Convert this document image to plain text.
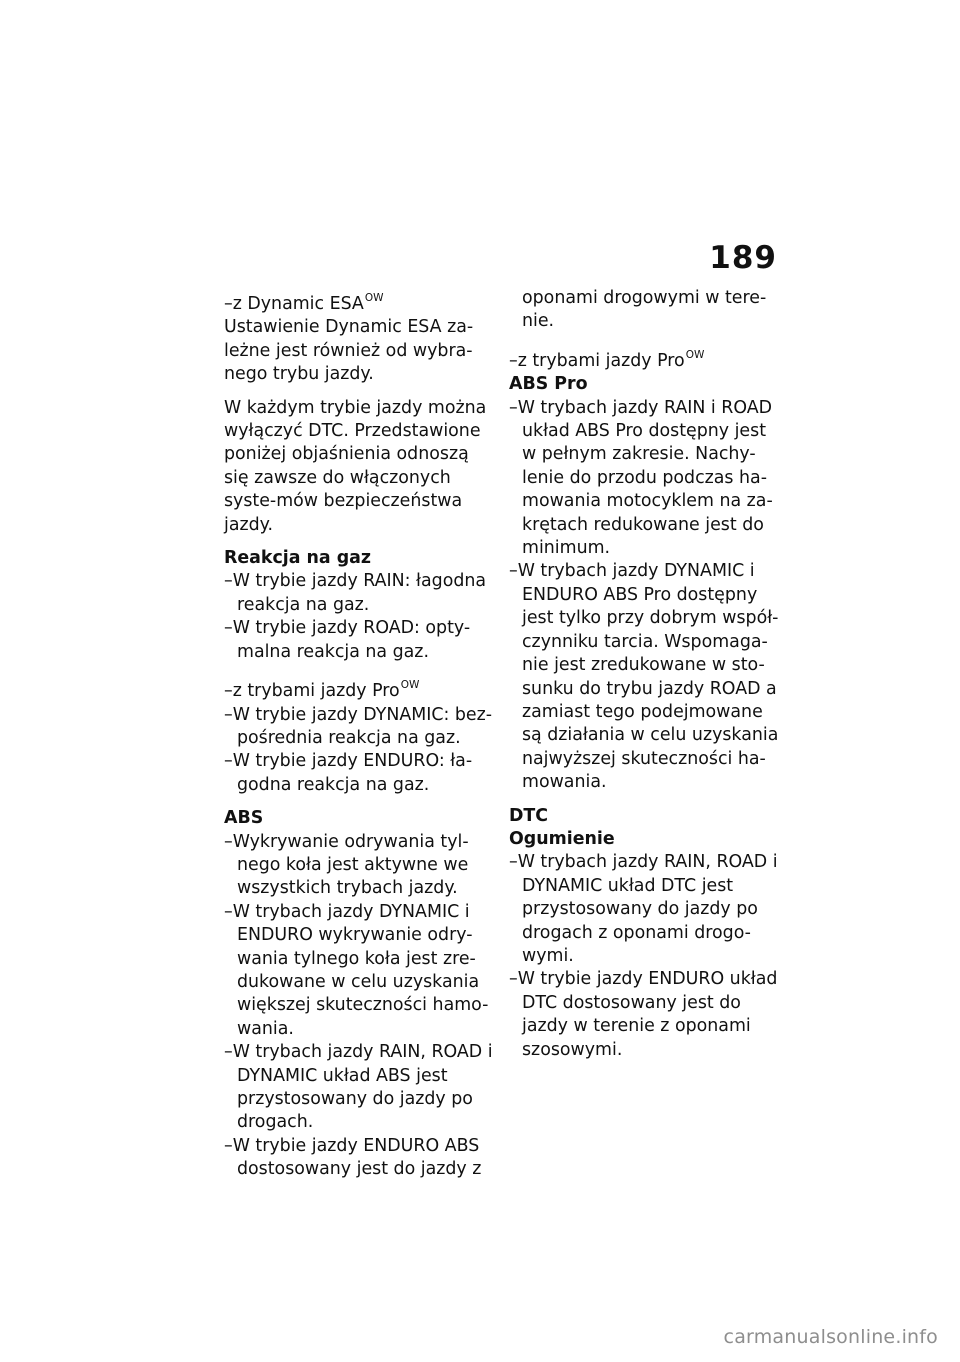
189

–z Dynamic $ESA^{OW}$

Ustawienie Dynamic ESA za-leżne jest również od wybra-nego trybu jazdy.

W każdym trybie jazdy można wyłączyć DTC. Przedstawione poniżej objaśnienia odnoszą się zawsze do włączonych syste-mów bezpieczeństwa jazdy.

Reakcja na gaz

–W trybie jazdy RAIN: łagodna reakcja na gaz.

–W trybie jazdy ROAD: opty-malna reakcja na gaz.

–z trybami jazdy Pro$^{OW}$

–W trybie jazdy DYNAMIC: bez-pośrednia reakcja na gaz.

–W trybie jazdy ENDURO: ła-godna reakcja na gaz.

ABS

–Wykrywanie odrywania tyl-nego koła jest aktywne we wszystkich trybach jazdy.

–W trybach jazdy DYNAMIC i ENDURO wykrywanie odry-wania tylnego koła jest zre-dukowane w celu uzyskania większej skuteczności hamo-wania.

–W trybach jazdy RAIN, ROAD i DYNAMIC układ ABS jest przystosowany do jazdy po drogach.

–W trybie jazdy ENDURO ABS dostosowany jest do jazdy z

oponami drogowymi w tere-nie.

–z trybami jazdy Pro$^{OW}$

ABS Pro

–W trybach jazdy RAIN i ROAD układ ABS Pro dostępny jest w pełnym zakresie. Nachy-lenie do przodu podczas ha-mowania motocyklem na za-krętach redukowane jest do minimum.

–W trybach jazdy DYNAMIC i ENDURO ABS Pro dostępny jest tylko przy dobrym współ-czynniku tarcia. Wspomaga-nie jest zredukowane w sto-sunku do trybu jazdy ROAD a zamiast tego podejmowane są działania w celu uzyskania najwyższej skuteczności ha-mowania.

DTC

Ogumienie

–W trybach jazdy RAIN, ROAD i DYNAMIC układ DTC jest przystosowany do jazdy po drogach z oponami drogo-wymi.

–W trybie jazdy ENDURO układ DTC dostosowany jest do jazdy w terenie z oponami szosowymi.

carmanualsonline.info
